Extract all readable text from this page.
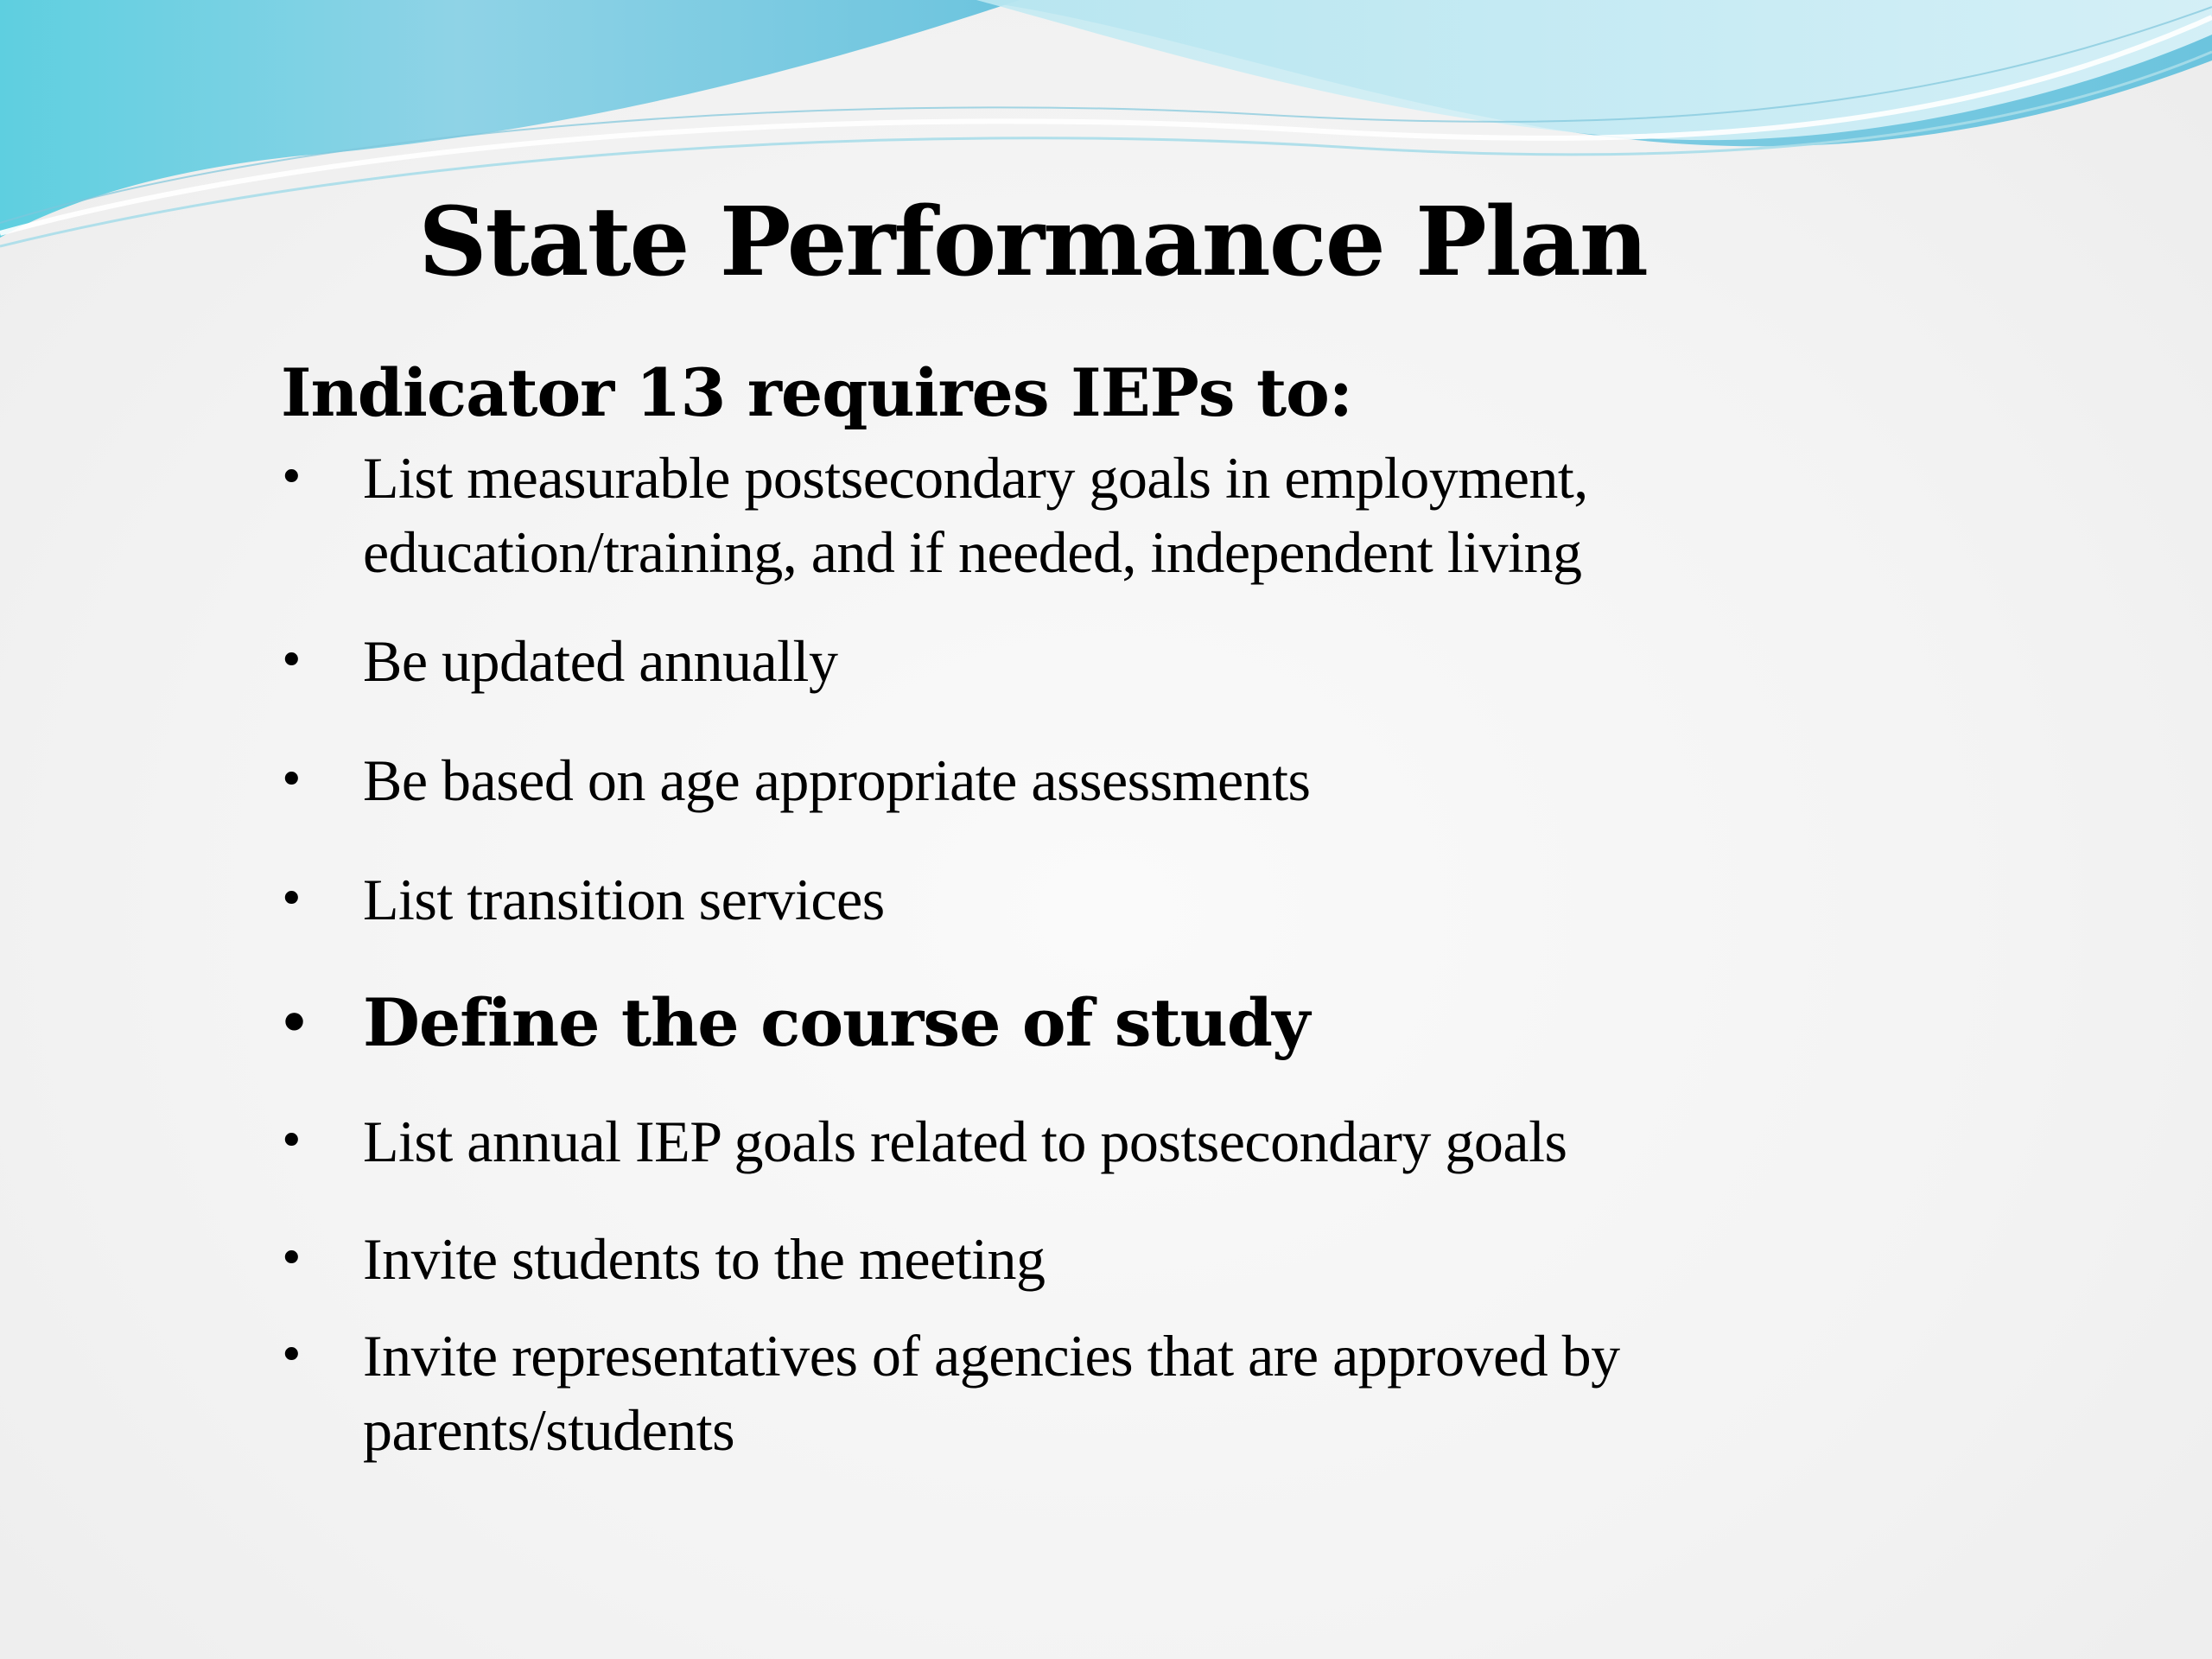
State Performance Plan
Indicator 13 requires IEPs to:
• List measurable postsecondary goals in employment, education/training, and if needed, independent living
• Be updated annually
• Be based on age appropriate assessments
• List transition services
• Define the course of study
• List annual IEP goals related to postsecondary goals
• Invite students to the meeting
• Invite representatives of agencies that are approved by parents/students
